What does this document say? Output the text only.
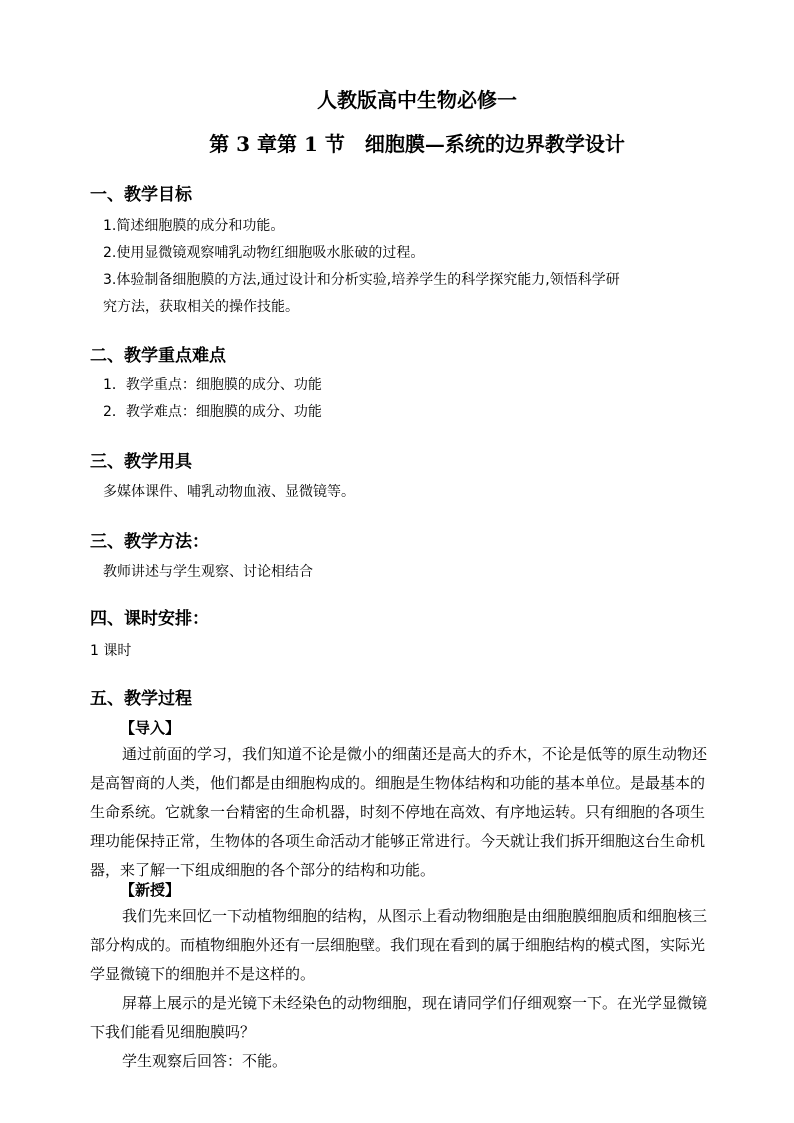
人教版高中生物必修一
第 3 章第 1 节　细胞膜—系统的边界教学设计
一、教学目标
1.简述细胞膜的成分和功能。
2.使用显微镜观察哺乳动物红细胞吸水胀破的过程。
3.体验制备细胞膜的方法,通过设计和分析实验,培养学生的科学探究能力,领悟科学研
究方法，获取相关的操作技能。
二、教学重点难点
1．教学重点：细胞膜的成分、功能
2．教学难点：细胞膜的成分、功能
三、教学用具
多媒体课件、哺乳动物血液、显微镜等。
三、教学方法：
教师讲述与学生观察、讨论相结合
四、课时安排：
1 课时
五、教学过程
【导入】
通过前面的学习，我们知道不论是微小的细菌还是高大的乔木，不论是低等的原生动物还是高智商的人类，他们都是由细胞构成的。细胞是生物体结构和功能的基本单位。是最基本的生命系统。它就象一台精密的生命机器，时刻不停地在高效、有序地运转。只有细胞的各项生理功能保持正常，生物体的各项生命活动才能够正常进行。今天就让我们拆开细胞这台生命机器，来了解一下组成细胞的各个部分的结构和功能。
【新授】
我们先来回忆一下动植物细胞的结构，从图示上看动物细胞是由细胞膜细胞质和细胞核三部分构成的。而植物细胞外还有一层细胞壁。我们现在看到的属于细胞结构的模式图，实际光学显微镜下的细胞并不是这样的。
屏幕上展示的是光镜下未经染色的动物细胞，现在请同学们仔细观察一下。在光学显微镜下我们能看见细胞膜吗？
学生观察后回答：不能。
